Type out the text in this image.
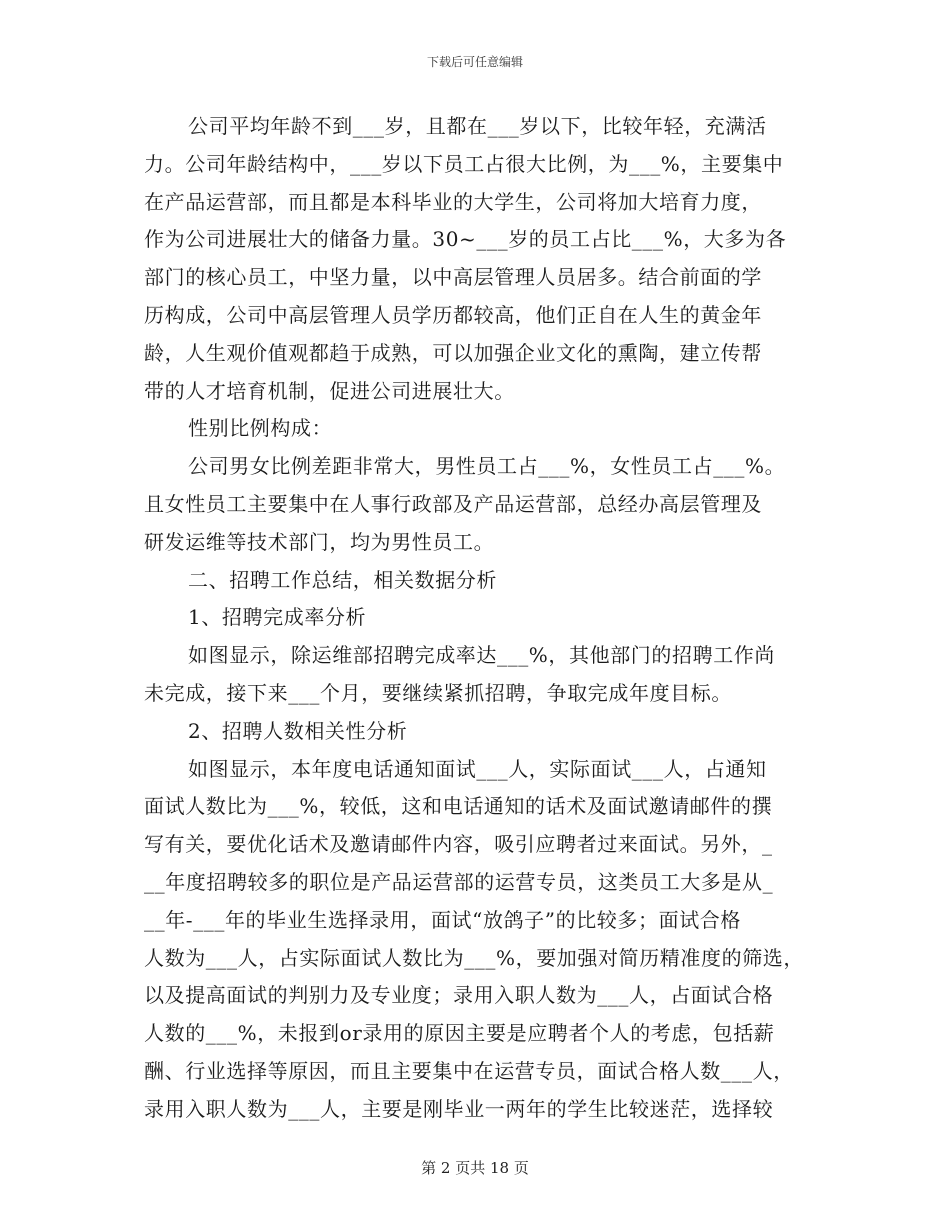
下载后可任意编辑
公司平均年龄不到___岁，且都在___岁以下，比较年轻，充满活
力。公司年龄结构中，___岁以下员工占很大比例，为___%，主要集中
在产品运营部，而且都是本科毕业的大学生，公司将加大培育力度，
作为公司进展壮大的储备力量。30~___岁的员工占比___%，大多为各
部门的核心员工，中坚力量，以中高层管理人员居多。结合前面的学
历构成，公司中高层管理人员学历都较高，他们正自在人生的黄金年
龄，人生观价值观都趋于成熟，可以加强企业文化的熏陶，建立传帮
带的人才培育机制，促进公司进展壮大。
性别比例构成：
公司男女比例差距非常大，男性员工占___%，女性员工占___%。
且女性员工主要集中在人事行政部及产品运营部，总经办高层管理及
研发运维等技术部门，均为男性员工。
二、招聘工作总结，相关数据分析
1、招聘完成率分析
如图显示，除运维部招聘完成率达___%，其他部门的招聘工作尚
未完成，接下来___个月，要继续紧抓招聘，争取完成年度目标。
2、招聘人数相关性分析
如图显示，本年度电话通知面试___人，实际面试___人，占通知
面试人数比为___%，较低，这和电话通知的话术及面试邀请邮件的撰
写有关，要优化话术及邀请邮件内容，吸引应聘者过来面试。另外，_
__年度招聘较多的职位是产品运营部的运营专员，这类员工大多是从_
__年-___年的毕业生选择录用，面试“放鸽子”的比较多；面试合格
人数为___人，占实际面试人数比为___%，要加强对简历精准度的筛选，
以及提高面试的判别力及专业度；录用入职人数为___人，占面试合格
人数的___%，未报到or录用的原因主要是应聘者个人的考虑，包括薪
酬、行业选择等原因，而且主要集中在运营专员，面试合格人数___人，
录用入职人数为___人，主要是刚毕业一两年的学生比较迷茫，选择较
第 2 页共 18 页
